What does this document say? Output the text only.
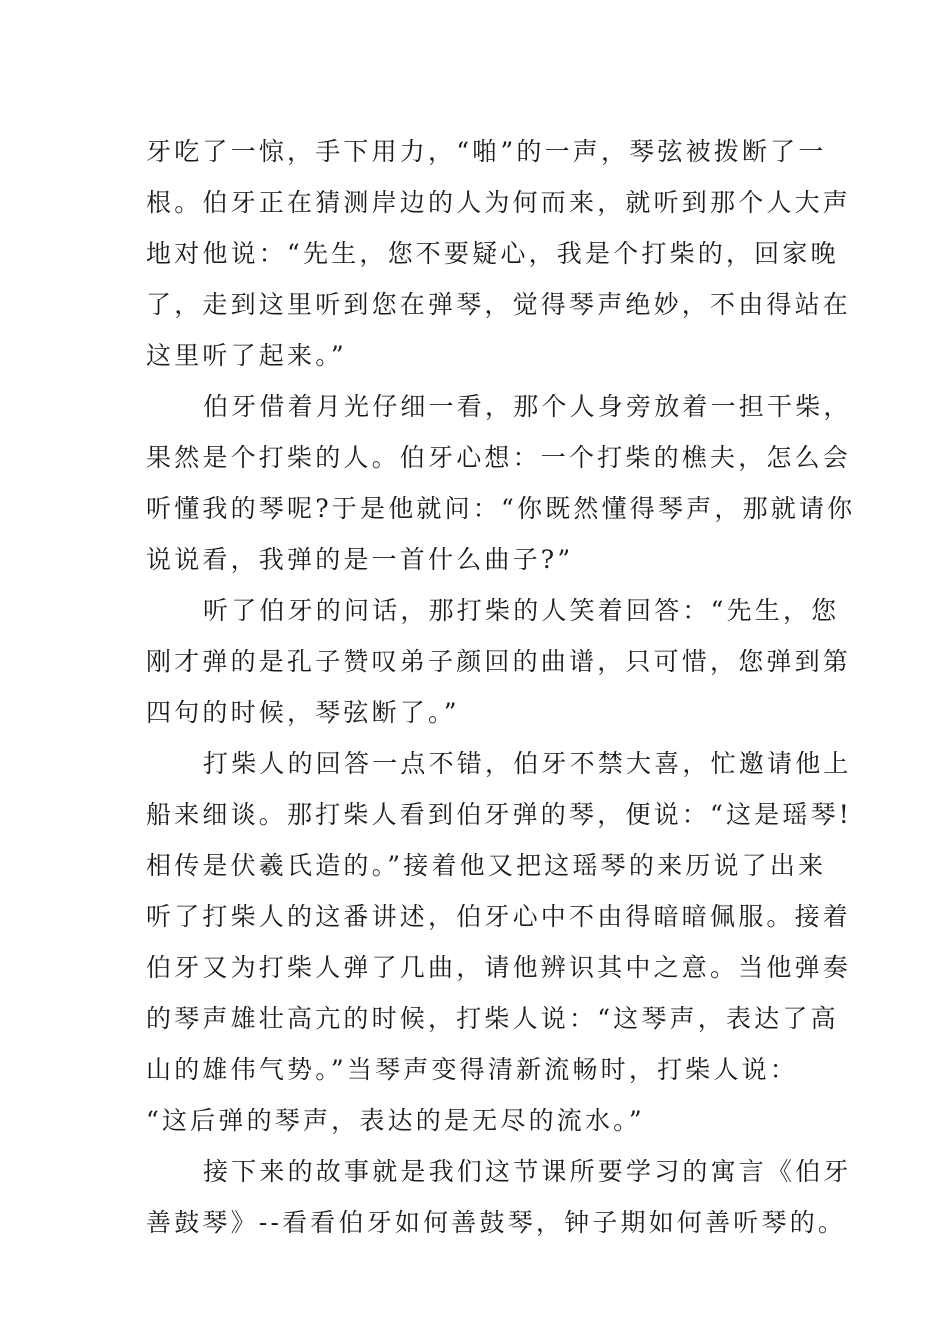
牙吃了一惊，手下用力，“啪”的一声，琴弦被拨断了一
根。伯牙正在猜测岸边的人为何而来，就听到那个人大声
地对他说：“先生，您不要疑心，我是个打柴的，回家晚
了，走到这里听到您在弹琴，觉得琴声绝妙，不由得站在
这里听了起来。”
伯牙借着月光仔细一看，那个人身旁放着一担干柴，
果然是个打柴的人。伯牙心想：一个打柴的樵夫，怎么会
听懂我的琴呢?于是他就问：“你既然懂得琴声，那就请你
说说看，我弹的是一首什么曲子?”
听了伯牙的问话，那打柴的人笑着回答：“先生，您
刚才弹的是孔子赞叹弟子颜回的曲谱，只可惜，您弹到第
四句的时候，琴弦断了。”
打柴人的回答一点不错，伯牙不禁大喜，忙邀请他上
船来细谈。那打柴人看到伯牙弹的琴，便说：“这是瑶琴!
相传是伏羲氏造的。”接着他又把这瑶琴的来历说了出来
听了打柴人的这番讲述，伯牙心中不由得暗暗佩服。接着
伯牙又为打柴人弹了几曲，请他辨识其中之意。当他弹奏
的琴声雄壮高亢的时候，打柴人说：“这琴声，表达了高
山的雄伟气势。”当琴声变得清新流畅时，打柴人说：
“这后弹的琴声，表达的是无尽的流水。”
接下来的故事就是我们这节课所要学习的寓言《伯牙
善鼓琴》--看看伯牙如何善鼓琴，钟子期如何善听琴的。
